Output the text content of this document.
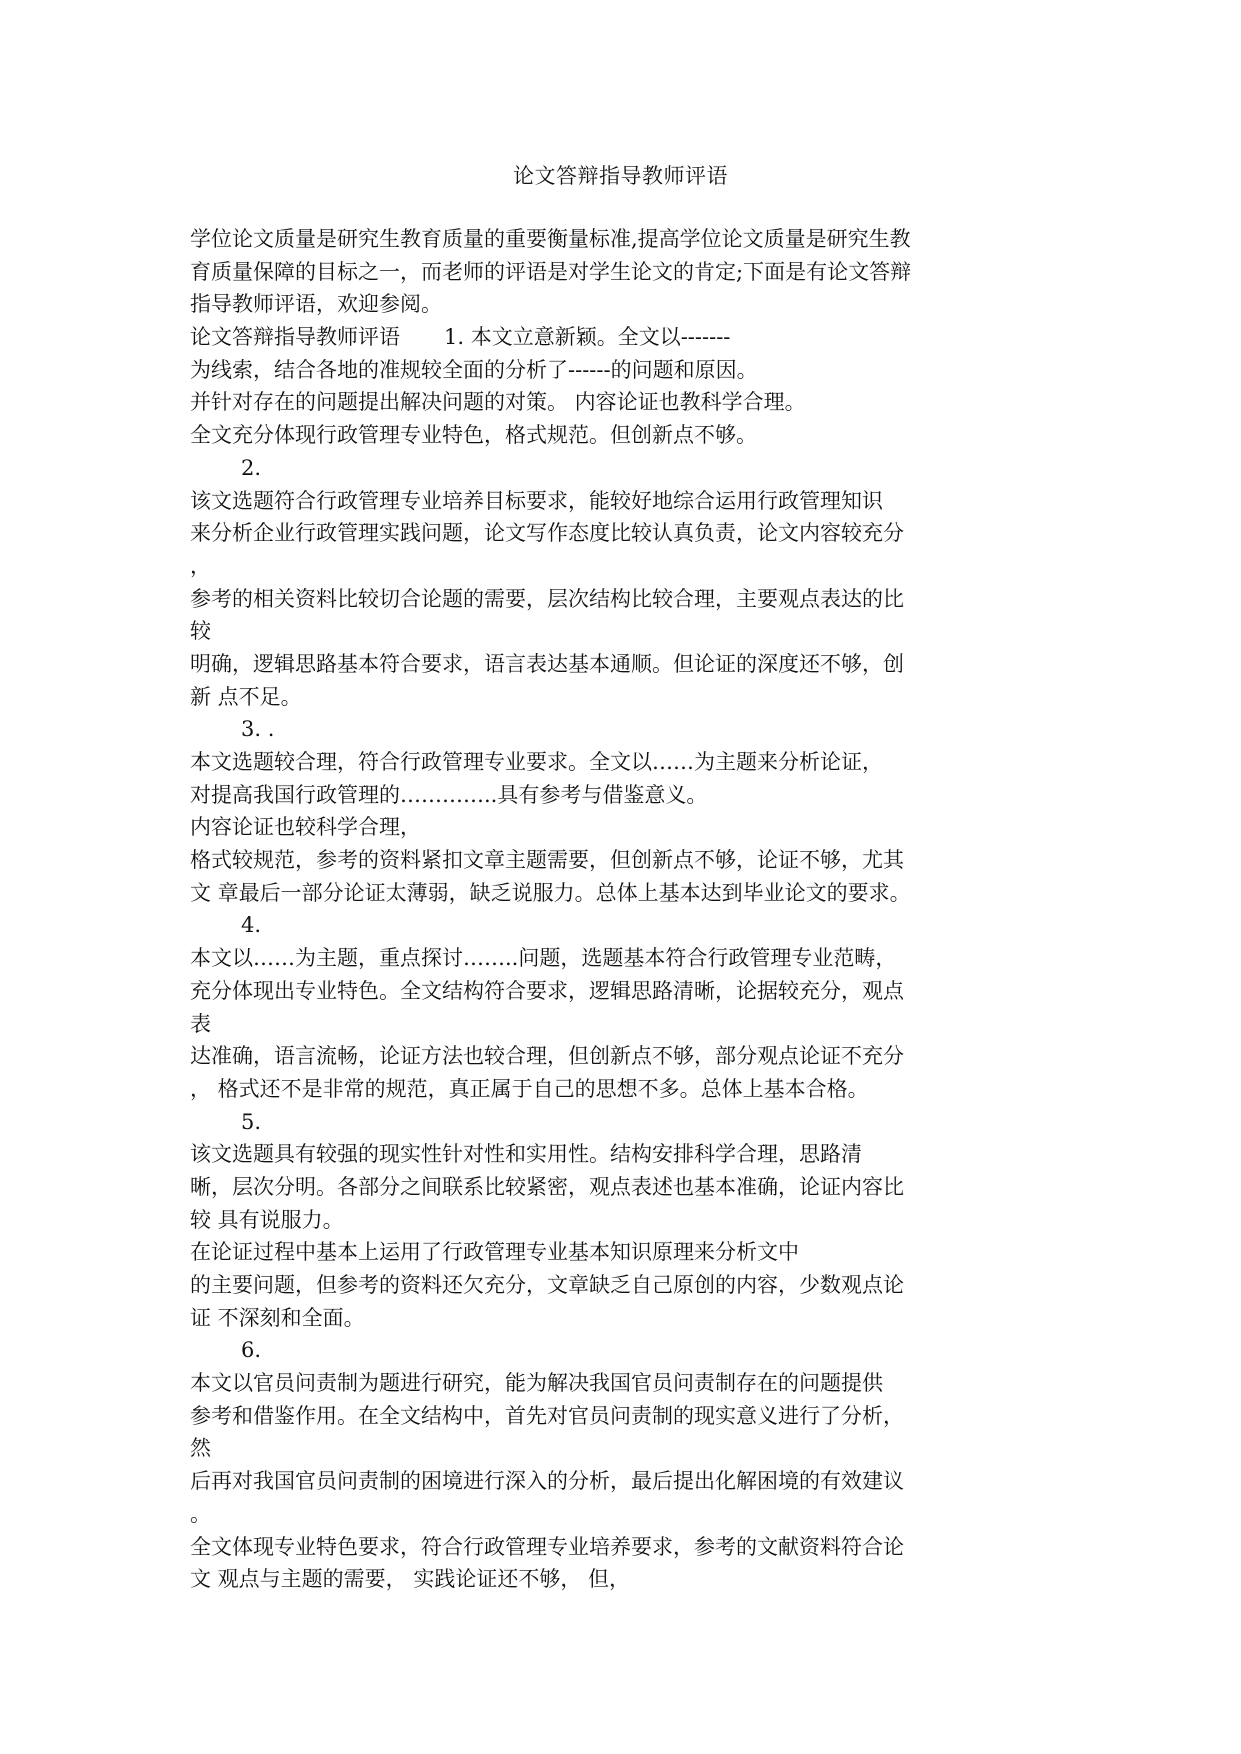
论文答辩指导教师评语
学位论文质量是研究生教育质量的重要衡量标准,提高学位论文质量是研究生教
育质量保障的目标之一，而老师的评语是对学生论文的肯定;下面是有论文答辩
指导教师评语，欢迎参阅。
论文答辩指导教师评语 1. 本文立意新颖。全文以-------
为线索，结合各地的准规较全面的分析了------的问题和原因。
并针对存在的问题提出解决问题的对策。 内容论证也教科学合理。
全文充分体现行政管理专业特色，格式规范。但创新点不够。
2.
该文选题符合行政管理专业培养目标要求，能较好地综合运用行政管理知识
来分析企业行政管理实践问题，论文写作态度比较认真负责，论文内容较充分
，
参考的相关资料比较切合论题的需要，层次结构比较合理，主要观点表达的比
较
明确，逻辑思路基本符合要求，语言表达基本通顺。但论证的深度还不够，创
新 点不足。
3. .
本文选题较合理，符合行政管理专业要求。全文以……为主题来分析论证，
对提高我国行政管理的…………..具有参考与借鉴意义。
内容论证也较科学合理，
格式较规范，参考的资料紧扣文章主题需要，但创新点不够，论证不够，尤其
文 章最后一部分论证太薄弱，缺乏说服力。总体上基本达到毕业论文的要求。
4.
本文以……为主题，重点探讨……..问题，选题基本符合行政管理专业范畴，
充分体现出专业特色。全文结构符合要求，逻辑思路清晰，论据较充分，观点
表
达准确，语言流畅，论证方法也较合理，但创新点不够，部分观点论证不充分
， 格式还不是非常的规范，真正属于自己的思想不多。总体上基本合格。
5.
该文选题具有较强的现实性针对性和实用性。结构安排科学合理，思路清
晰，层次分明。各部分之间联系比较紧密，观点表述也基本准确，论证内容比
较 具有说服力。
在论证过程中基本上运用了行政管理专业基本知识原理来分析文中
的主要问题，但参考的资料还欠充分，文章缺乏自己原创的内容，少数观点论
证 不深刻和全面。
6.
本文以官员问责制为题进行研究，能为解决我国官员问责制存在的问题提供
参考和借鉴作用。在全文结构中，首先对官员问责制的现实意义进行了分析，
然
后再对我国官员问责制的困境进行深入的分析，最后提出化解困境的有效建议
。
全文体现专业特色要求，符合行政管理专业培养要求，参考的文献资料符合论
文 观点与主题的需要， 实践论证还不够， 但，
